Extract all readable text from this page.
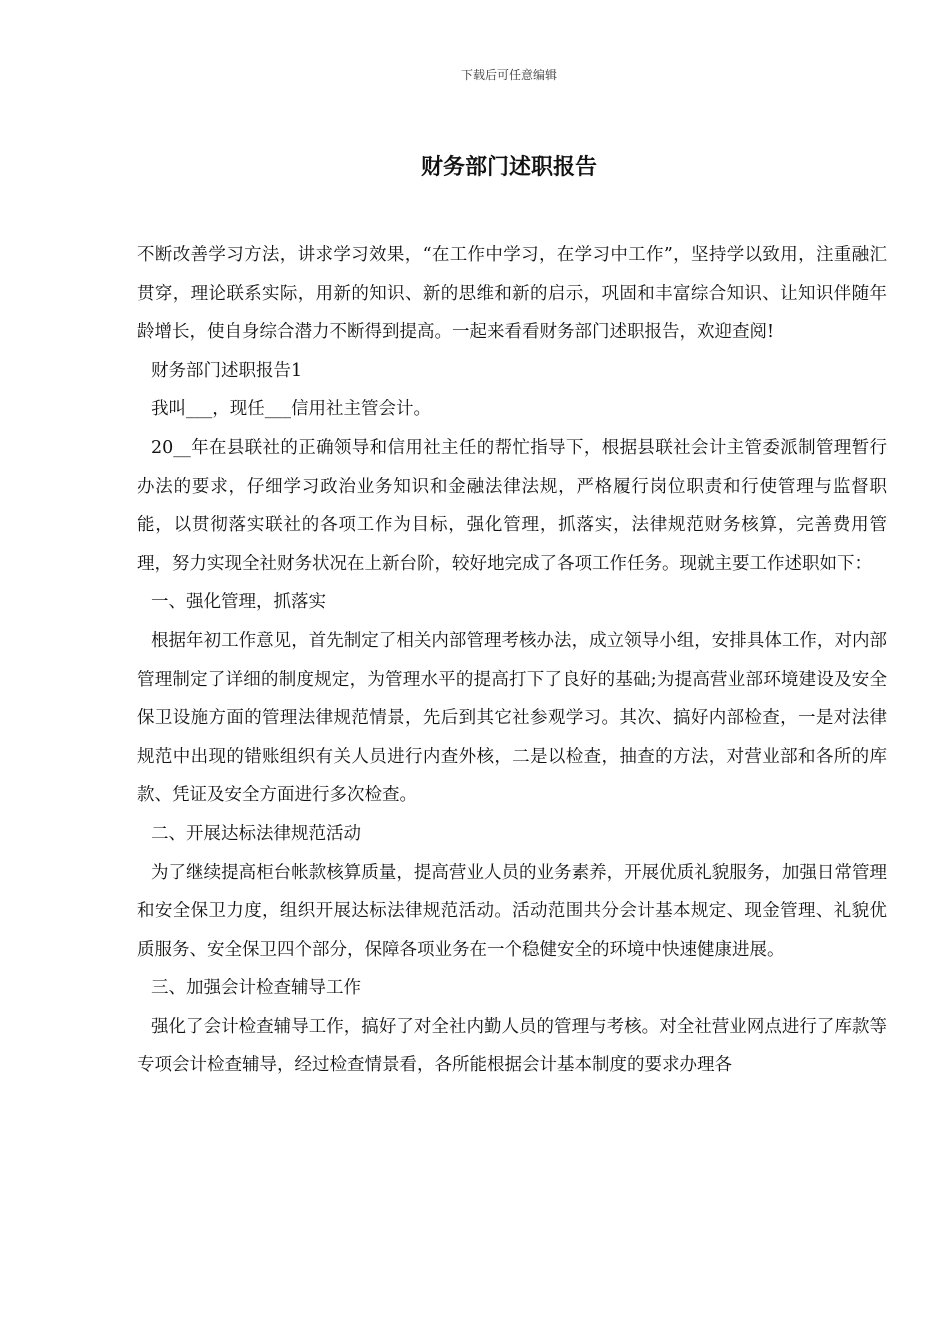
下载后可任意编辑
财务部门述职报告

不断改善学习方法，讲求学习效果，“在工作中学习，在学习中工作”，坚持学以致用，注重融汇贯穿，理论联系实际，用新的知识、新的思维和新的启示，巩固和丰富综合知识、让知识伴随年龄增长，使自身综合潜力不断得到提高。一起来看看财务部门述职报告，欢迎查阅!

财务部门述职报告1

我叫___，现任___信用社主管会计。

20__年在县联社的正确领导和信用社主任的帮忙指导下，根据县联社会计主管委派制管理暂行办法的要求，仔细学习政治业务知识和金融法律法规，严格履行岗位职责和行使管理与监督职能，以贯彻落实联社的各项工作为目标，强化管理，抓落实，法律规范财务核算，完善费用管理，努力实现全社财务状况在上新台阶，较好地完成了各项工作任务。现就主要工作述职如下：

一、强化管理，抓落实

根据年初工作意见，首先制定了相关内部管理考核办法，成立领导小组，安排具体工作，对内部管理制定了详细的制度规定，为管理水平的提高打下了良好的基础;为提高营业部环境建设及安全保卫设施方面的管理法律规范情景，先后到其它社参观学习。其次、搞好内部检查，一是对法律规范中出现的错账组织有关人员进行内查外核，二是以检查，抽查的方法，对营业部和各所的库款、凭证及安全方面进行多次检查。

二、开展达标法律规范活动

为了继续提高柜台帐款核算质量，提高营业人员的业务素养，开展优质礼貌服务，加强日常管理和安全保卫力度，组织开展达标法律规范活动。活动范围共分会计基本规定、现金管理、礼貌优质服务、安全保卫四个部分，保障各项业务在一个稳健安全的环境中快速健康进展。

三、加强会计检查辅导工作

强化了会计检查辅导工作，搞好了对全社内勤人员的管理与考核。对全社营业网点进行了库款等专项会计检查辅导，经过检查情景看，各所能根据会计基本制度的要求办理各
